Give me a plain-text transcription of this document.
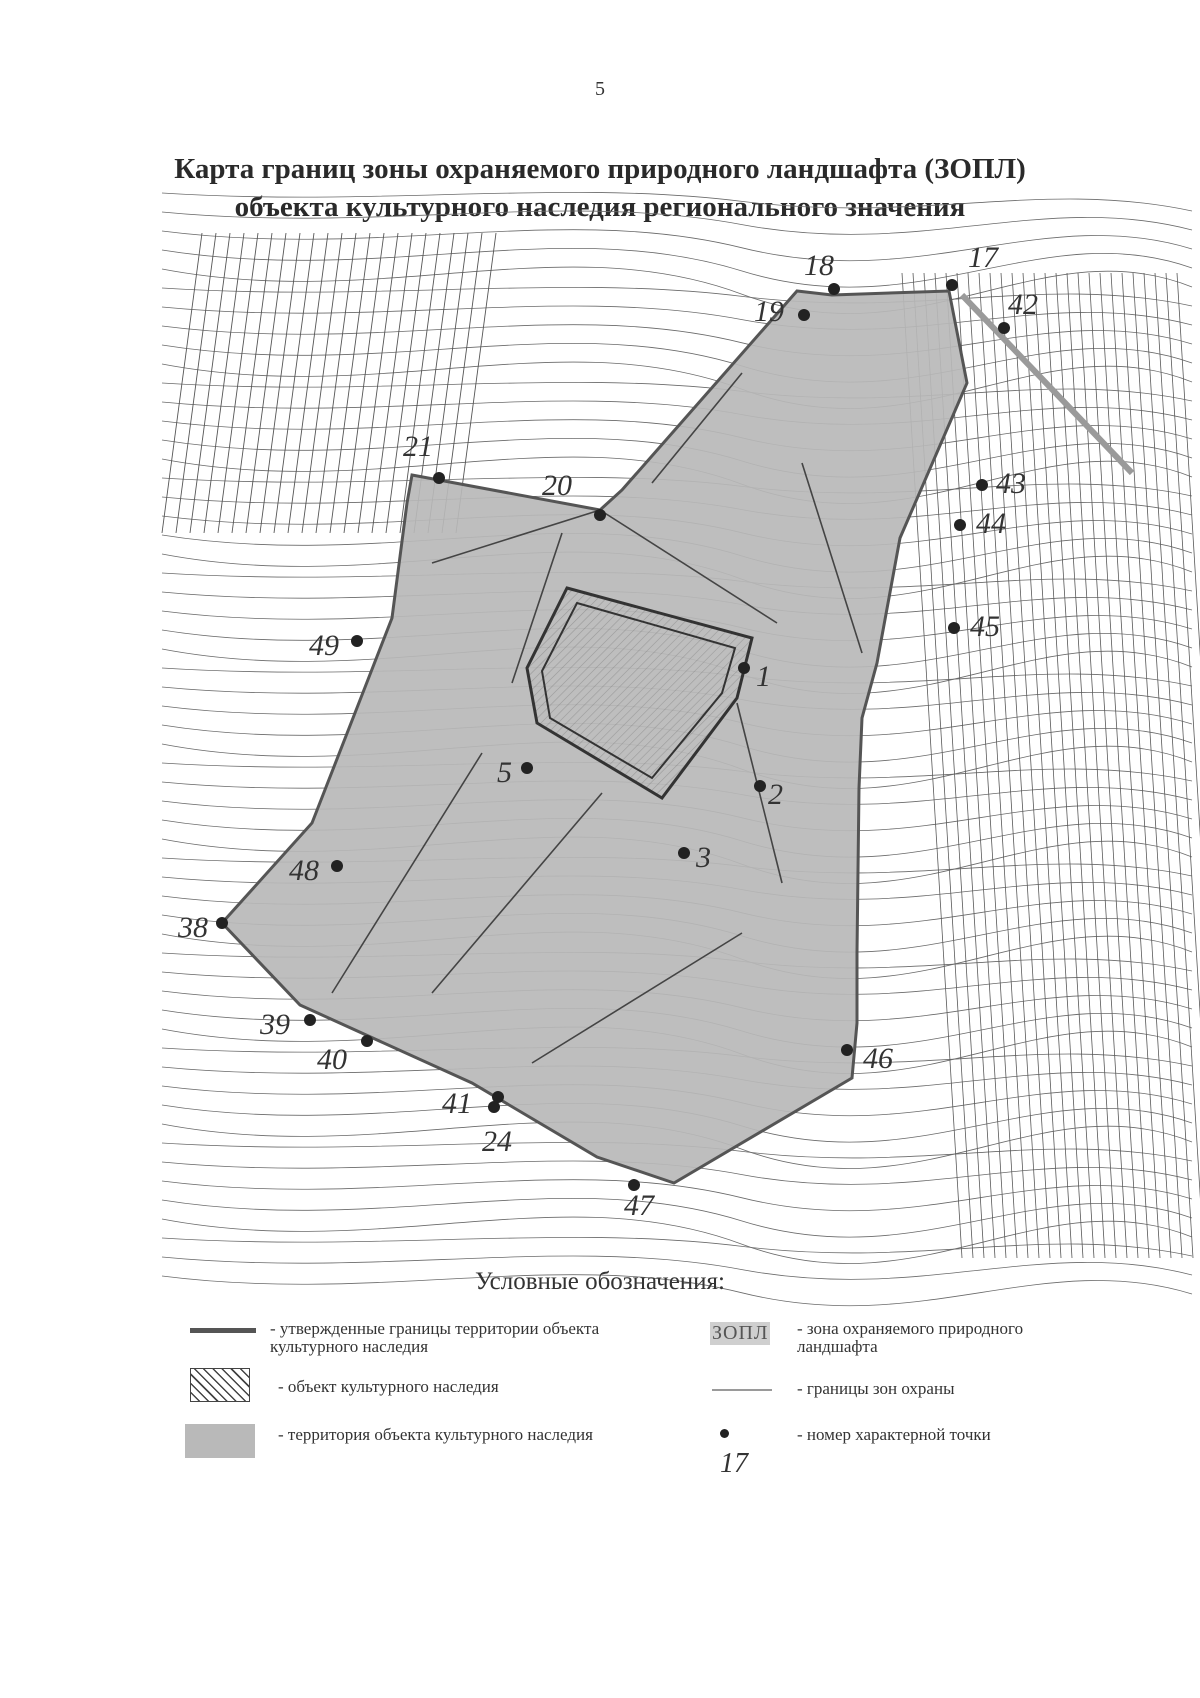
5
Карта границ зоны охраняемого природного ландшафта (ЗОПЛ)
объекта культурного наследия регионального значения
17
18
19
20
21
42
43
44
45
49
1
2
3
5
48
38
39
40
41
24
47
46
Условные обозначения:
- утвержденные границы территории объекта культурного наследия
- объект культурного наследия
- территория объекта культурного наследия
ЗОПЛ - зона охраняемого природного ландшафта
- границы зон охраны
17
- номер характерной точки
